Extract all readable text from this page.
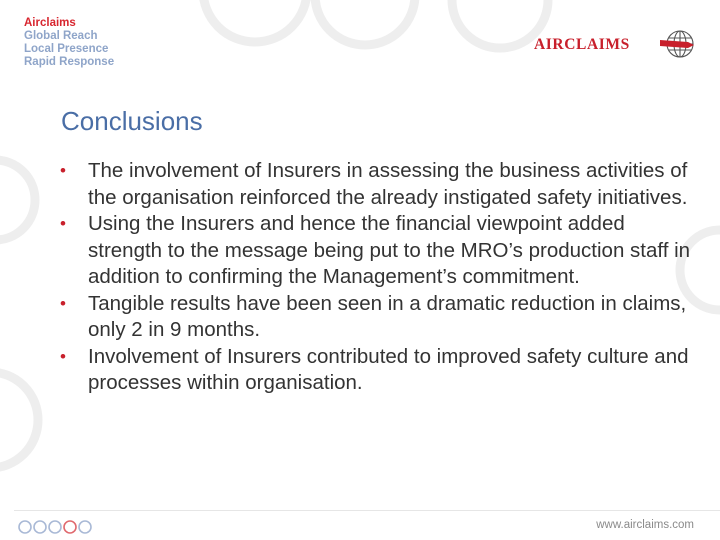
Airclaims
Global Reach
Local Presence
Rapid Response
AIRCLAIMS
Conclusions
•	The involvement of Insurers in assessing the business activities of the organisation reinforced the already instigated safety initiatives.
•	Using the Insurers and hence the financial viewpoint added strength to the message being put to the MRO’s production staff in addition to confirming the Management’s commitment.
•	Tangible results have been seen in a dramatic reduction in claims, only 2 in 9 months.
•	Involvement of Insurers contributed to improved safety culture and processes within organisation.
www.airclaims.com
